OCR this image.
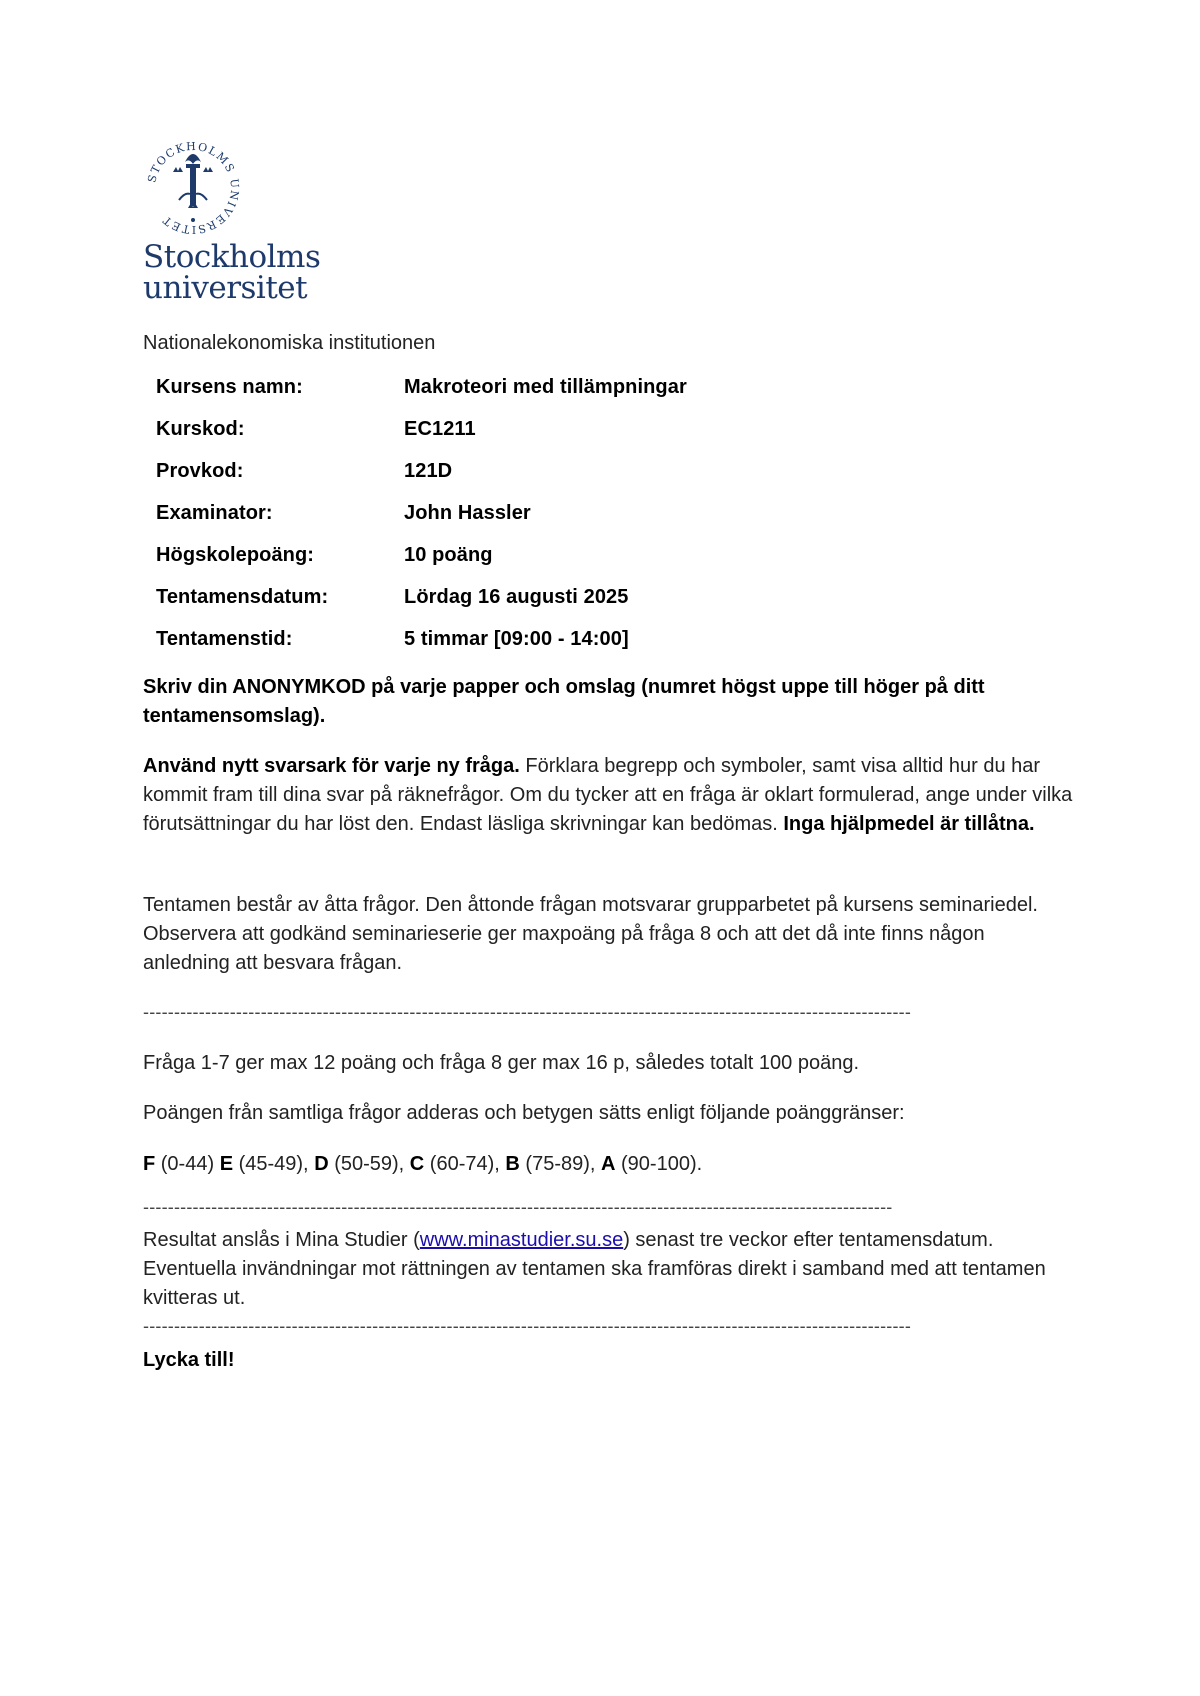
STOCKHOLMS UNIVERSITET
Stockholms
universitet
Nationalekonomiska institutionen
Kursens namn:	Makroteori med tillämpningar
Kurskod:	EC1211
Provkod:	121D
Examinator:	John Hassler
Högskolepoäng:	10 poäng
Tentamensdatum:	Lördag 16 augusti 2025
Tentamenstid:	5 timmar [09:00 - 14:00]
Skriv din ANONYMKOD på varje papper och omslag (numret högst uppe till höger på ditt tentamensomslag).
Använd nytt svarsark för varje ny fråga. Förklara begrepp och symboler, samt visa alltid hur du har kommit fram till dina svar på räknefrågor. Om du tycker att en fråga är oklart formulerad, ange under vilka förutsättningar du har löst den. Endast läsliga skrivningar kan bedömas. Inga hjälpmedel är tillåtna.
Tentamen består av åtta frågor. Den åttonde frågan motsvarar grupparbetet på kursens seminariedel. Observera att godkänd seminarieserie ger maxpoäng på fråga 8 och att det då inte finns någon anledning att besvara frågan.
----------------------------------------------------------------------------------------------------------------------------
Fråga 1-7 ger max 12 poäng och fråga 8 ger max 16 p, således totalt 100 poäng.
Poängen från samtliga frågor adderas och betygen sätts enligt följande poänggränser:
F (0-44) E (45-49), D (50-59), C (60-74), B (75-89), A (90-100).
-------------------------------------------------------------------------------------------------------------------------
Resultat anslås i Mina Studier (www.minastudier.su.se) senast tre veckor efter tentamensdatum. Eventuella invändningar mot rättningen av tentamen ska framföras direkt i samband med att tentamen kvitteras ut.
----------------------------------------------------------------------------------------------------------------------------
Lycka till!
